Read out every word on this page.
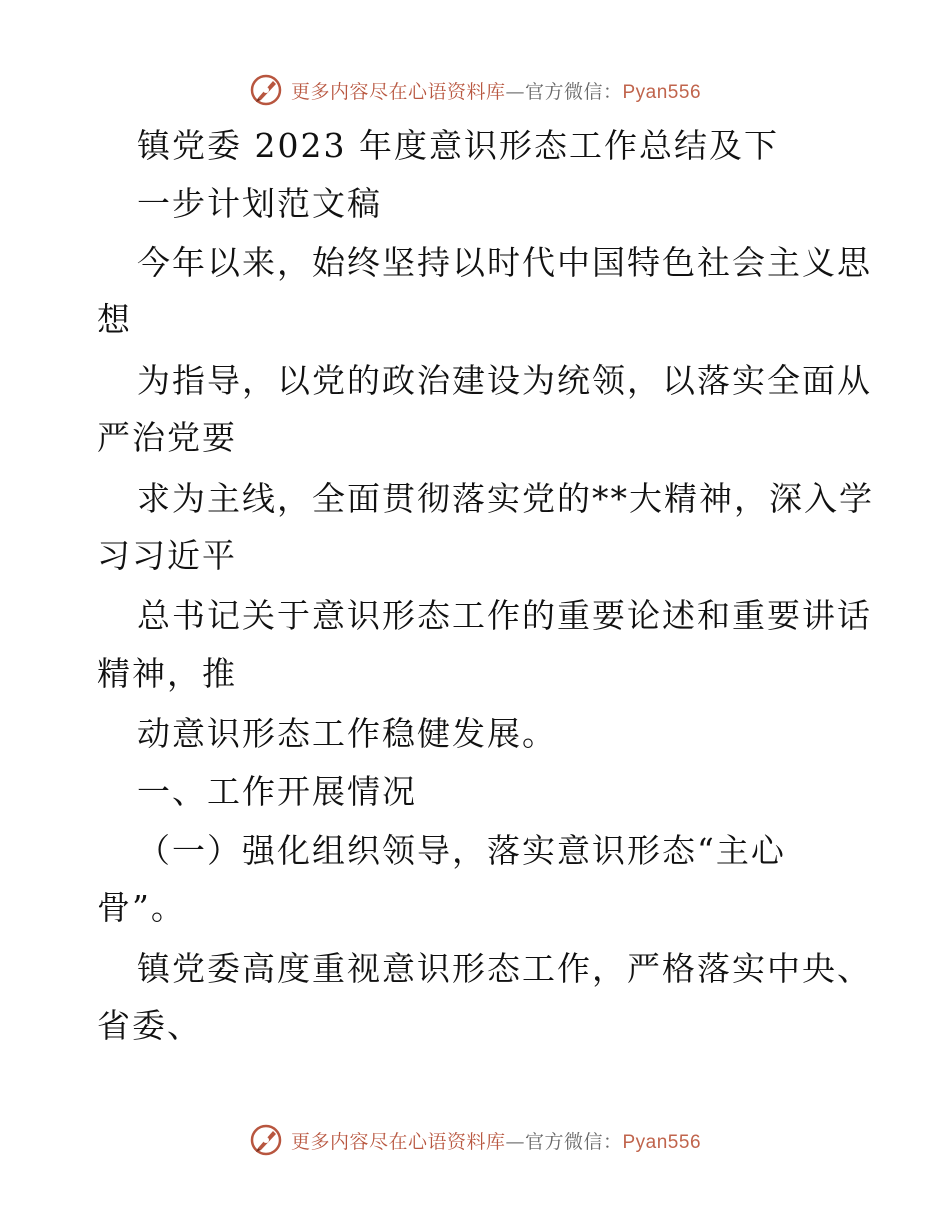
更多内容尽在心语资料库—官方微信：Pyan556
镇党委 2023 年度意识形态工作总结及下
一步计划范文稿
今年以来，始终坚持以时代中国特色社会主义思
想
为指导，以党的政治建设为统领，以落实全面从
严治党要
求为主线，全面贯彻落实党的**大精神，深入学
习习近平
总书记关于意识形态工作的重要论述和重要讲话
精神，推
动意识形态工作稳健发展。
一、工作开展情况
（一）强化组织领导，落实意识形态“主心
骨”。
镇党委高度重视意识形态工作，严格落实中央、
省委、
更多内容尽在心语资料库—官方微信：Pyan556
